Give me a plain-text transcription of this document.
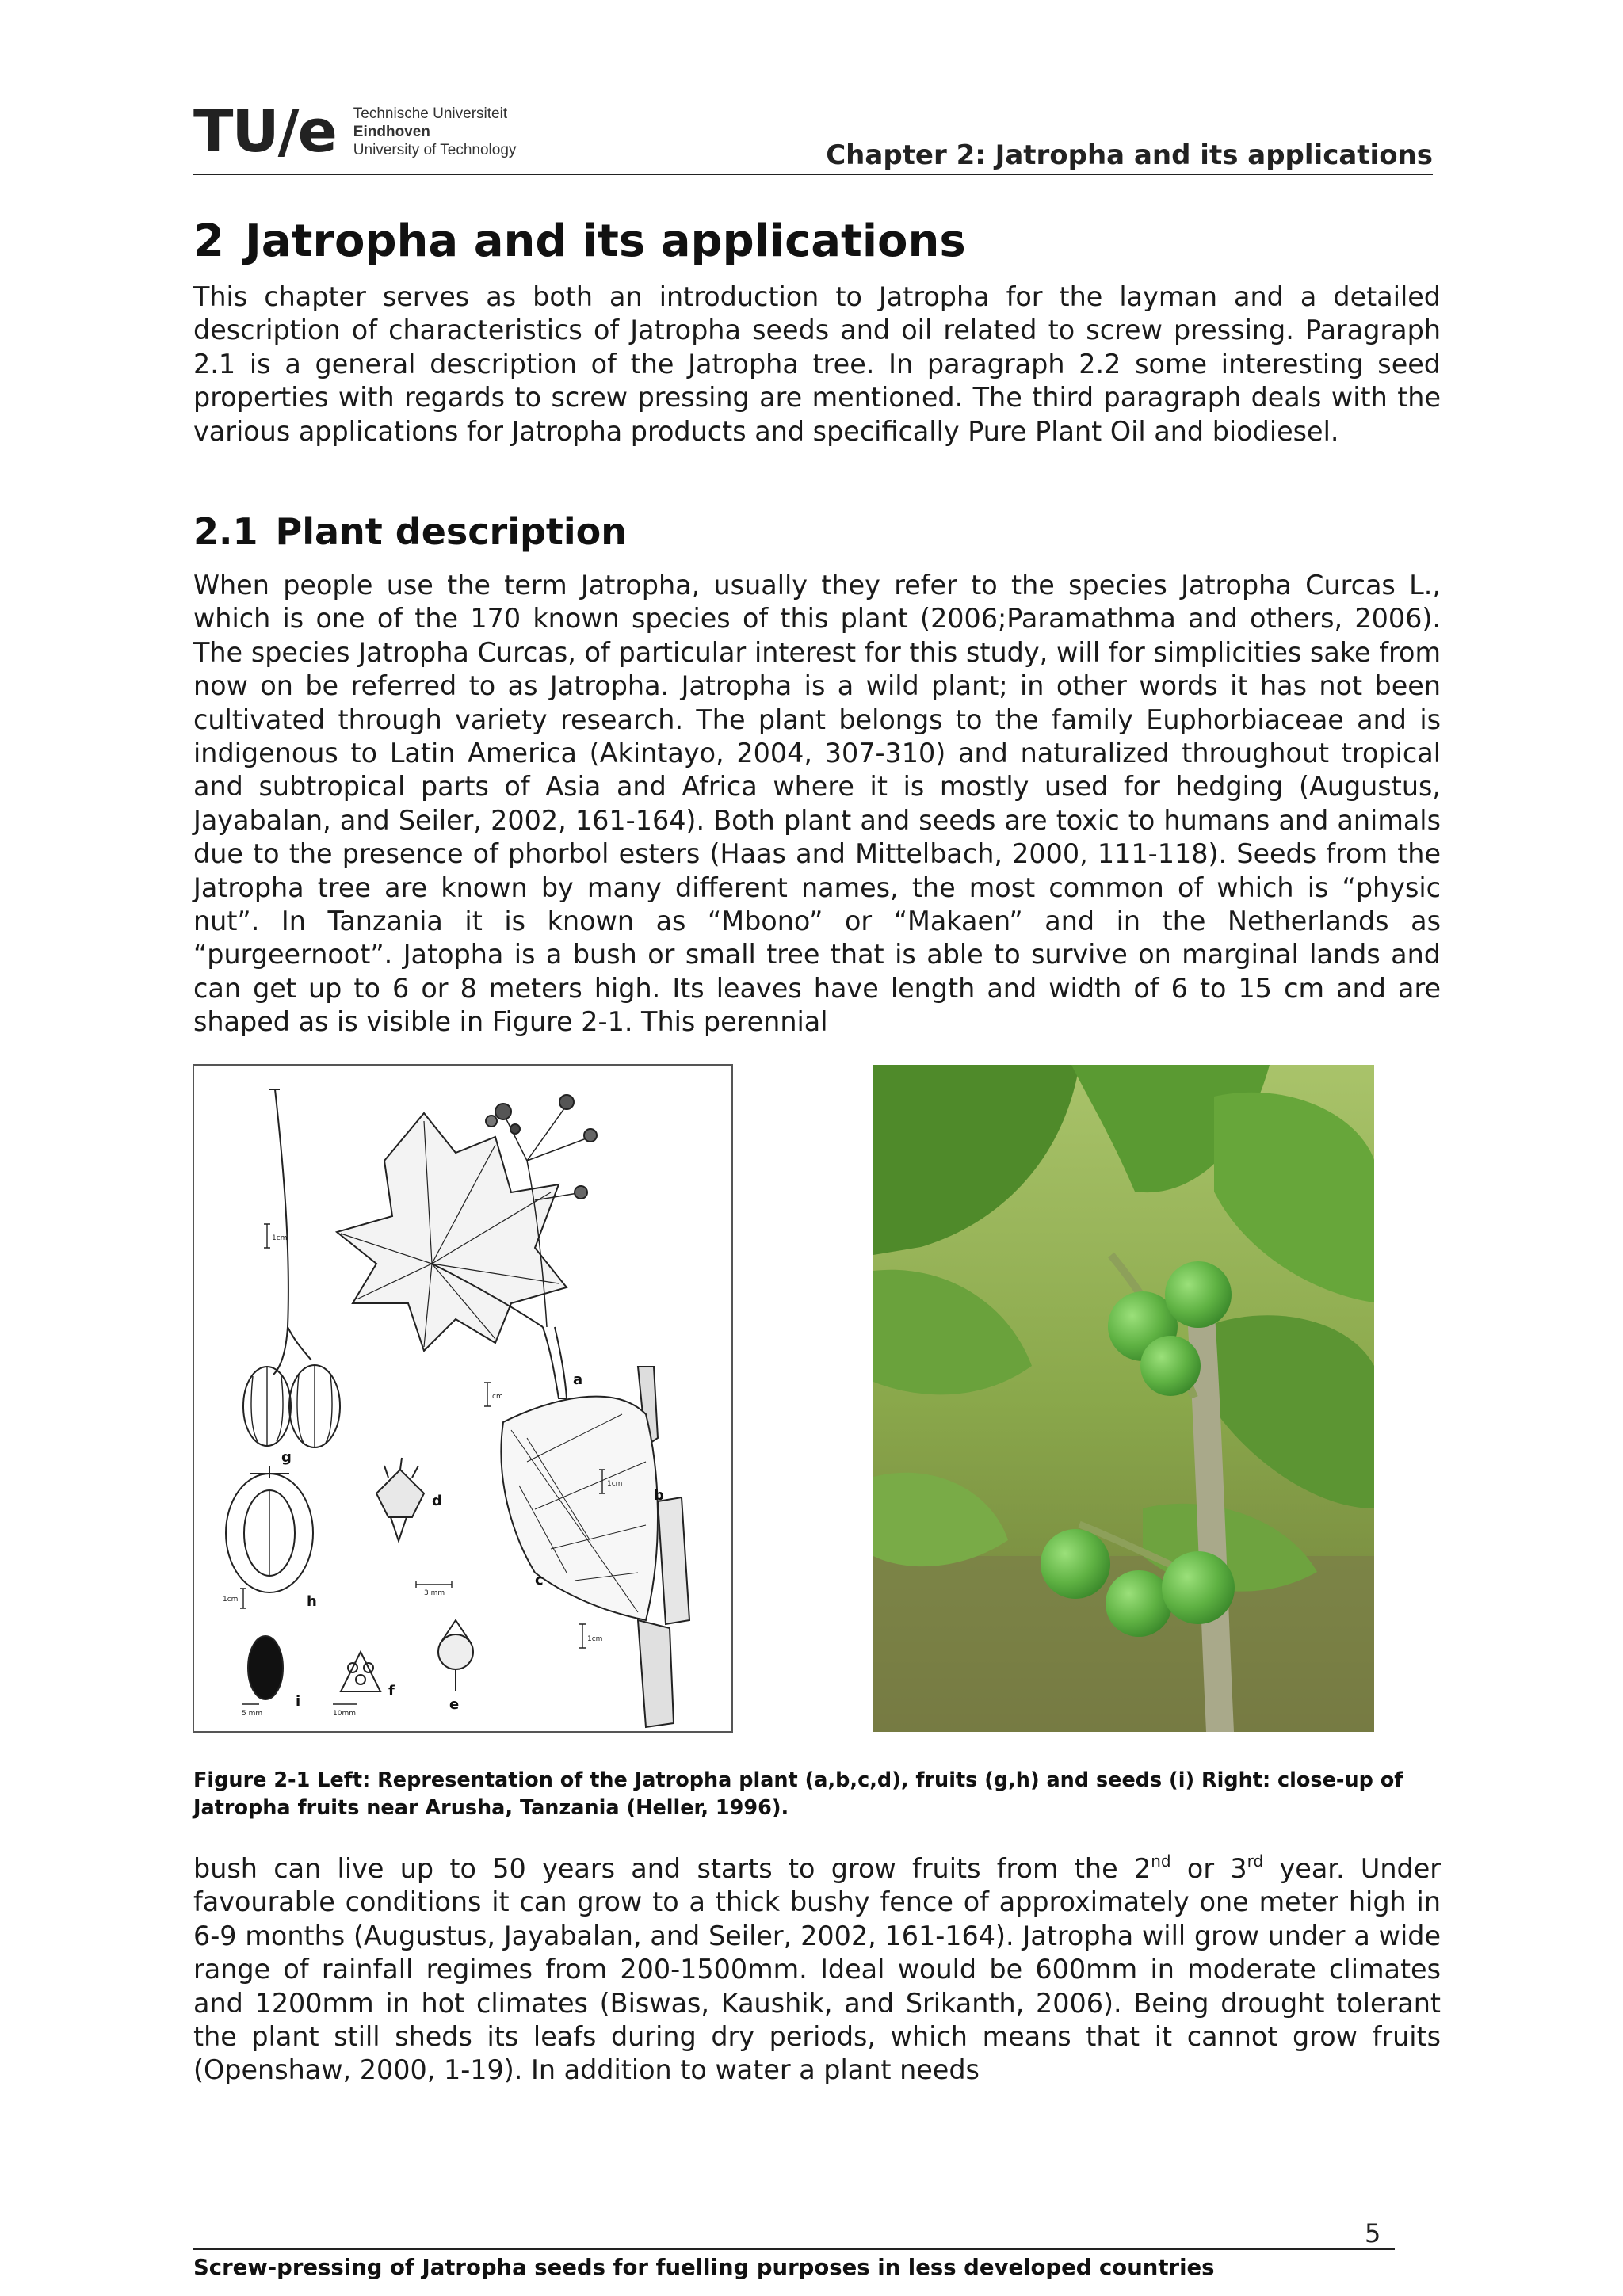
TU/e Technische Universiteit
Eindhoven
University of Technology	Chapter 2: Jatropha and its applications
2 Jatropha and its applications

This chapter serves as both an introduction to Jatropha for the layman and a detailed description of characteristics of Jatropha seeds and oil related to screw pressing. Paragraph 2.1 is a general description of the Jatropha tree. In paragraph 2.2 some interesting seed properties with regards to screw pressing are mentioned. The third paragraph deals with the various applications for Jatropha products and specifically Pure Plant Oil and biodiesel.

2.1 Plant description

When people use the term Jatropha, usually they refer to the species Jatropha Curcas L., which is one of the 170 known species of this plant (2006;Paramathma and others, 2006). The species Jatropha Curcas, of particular interest for this study, will for simplicities sake from now on be referred to as Jatropha. Jatropha is a wild plant; in other words it has not been cultivated through variety research. The plant belongs to the family Euphorbiaceae and is indigenous to Latin America (Akintayo, 2004, 307-310) and naturalized throughout tropical and subtropical parts of Asia and Africa where it is mostly used for hedging (Augustus, Jayabalan, and Seiler, 2002, 161-164). Both plant and seeds are toxic to humans and animals due to the presence of phorbol esters (Haas and Mittelbach, 2000, 111-118). Seeds from the Jatropha tree are known by many different names, the most common of which is “physic nut”. In Tanzania it is known as “Mbono” or “Makaen” and in the Netherlands as “purgeernoot”. Jatopha is a bush or small tree that is able to survive on marginal lands and can get up to 6 or 8 meters high. Its leaves have length and width of 6 to 15 cm and are shaped as is visible in Figure 2-1. This perennial

a
b
c
d
e
f
g
h
i
1cm
cm
1cm
3 mm
1cm
1cm
5 mm	10mm

Figure 2-1 Left: Representation of the Jatropha plant (a,b,c,d), fruits (g,h) and seeds (i) Right: close-up of Jatropha fruits near Arusha, Tanzania (Heller, 1996).

bush can live up to 50 years and starts to grow fruits from the 2nd or 3rd year. Under favourable conditions it can grow to a thick bushy fence of approximately one meter high in 6-9 months (Augustus, Jayabalan, and Seiler, 2002, 161-164). Jatropha will grow under a wide range of rainfall regimes from 200-1500mm. Ideal would be 600mm in moderate climates and 1200mm in hot climates (Biswas, Kaushik, and Srikanth, 2006). Being drought tolerant the plant still sheds its leafs during dry periods, which means that it cannot grow fruits (Openshaw, 2000, 1-19). In addition to water a plant needs

5
Screw-pressing of Jatropha seeds for fuelling purposes in less developed countries
